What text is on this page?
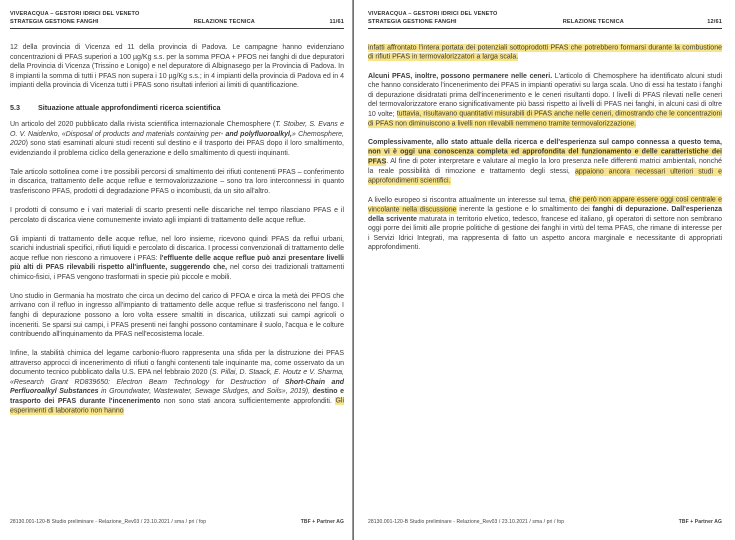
VIVERACQUA – GESTORI IDRICI DEL VENETO
STRATEGIA GESTIONE FANGHI	RELAZIONE TECNICA	11/61

12 della provincia di Vicenza ed 11 della provincia di Padova. Le campagne hanno evidenziano concentrazioni di PFAS superiori a 100 µg/Kg s.s. per la somma PFOA + PFOS nei fanghi di due depuratori della Provincia di Vicenza (Trissino e Lonigo) e nel depuratore di Albignasego per la Provincia di Padova. In 8 impianti la somma di tutti i PFAS non supera i 10 µg/Kg s.s.; in 4 impianti della provincia di Padova ed in 4 impianti della provincia di Vicenza tutti i PFAS sono risultati inferiori ai limiti di quantificazione.

5.3	Situazione attuale approfondimenti ricerca scientifica

Un articolo del 2020 pubblicato dalla rivista scientifica internazionale Chemosphere (T. Stoiber, S. Evans e O. V. Naidenko, «Disposal of products and materials containing per- and polyfluoroalkyl,» Chemosphere, 2020) sono stati esaminati alcuni studi recenti sul destino e il trasporto dei PFAS dopo il loro smaltimento, evidenziando il problema ciclico della generazione e dello smaltimento di questi inquinanti.

Tale articolo sottolinea come i tre possibili percorsi di smaltimento dei rifiuti contenenti PFAS – conferimento in discarica, trattamento delle acque reflue e termovalorizzazione – sono tra loro interconnessi in quanto trasferiscono PFAS, prodotti di degradazione PFAS o incombusti, da un sito all'altro.

I prodotti di consumo e i vari materiali di scarto presenti nelle discariche nel tempo rilasciano PFAS e il percolato di discarica viene comunemente inviato agli impianti di trattamento delle acque reflue.

Gli impianti di trattamento delle acque reflue, nel loro insieme, ricevono quindi PFAS da reflui urbani, scarichi industriali specifici, rifiuti liquidi e percolato di discarica. I processi convenzionali di trattamento delle acque reflue non riescono a rimuovere i PFAS: l'effluente delle acque reflue può anzi presentare livelli più alti di PFAS rilevabili rispetto all'influente, suggerendo che, nel corso dei tradizionali trattamenti chimico-fisici, i PFAS vengono trasformati in specie più piccole e mobili.

Uno studio in Germania ha mostrato che circa un decimo del carico di PFOA e circa la metà dei PFOS che arrivano con il refluo in ingresso all'impianto di trattamento delle acque reflue si trasferiscono nel fango. I fanghi di depurazione possono a loro volta essere smaltiti in discarica, utilizzati sui campi agricoli o inceneriti. Se sparsi sui campi, i PFAS presenti nei fanghi possono contaminare il suolo, l'acqua e le colture contribuendo all'inquinamento da PFAS nell'ecosistema locale.

Infine, la stabilità chimica del legame carbonio-fluoro rappresenta una sfida per la distruzione dei PFAS attraverso approcci di incenerimento di rifiuti o fanghi contenenti tale inquinante ma, come osservato da un documento tecnico pubblicato dalla U.S. EPA nel febbraio 2020 (S. Pillai, D. Staack, E. Houtz e V. Sharma, «Research Grant RD839650: Electron Beam Technology for Destruction of Short-Chain and Perfluoroalkyl Substances in Groundwater, Wastewater, Sewage Sludges, and Soils», 2019), destino e trasporto dei PFAS durante l'incenerimento non sono stati ancora sufficientemente approfonditi. Gli esperimenti di laboratorio non hanno

28130.001-120-B Studio preliminare - Relazione_Rev03 / 23.10.2021 / sma / pri / fop	TBF + Partner AG
VIVERACQUA – GESTORI IDRICI DEL VENETO
STRATEGIA GESTIONE FANGHI	RELAZIONE TECNICA	12/61

infatti affrontato l'intera portata dei potenziali sottoprodotti PFAS che potrebbero formarsi durante la combustione di rifiuti PFAS in termovalorizzatori a larga scala.

Alcuni PFAS, inoltre, possono permanere nelle ceneri. L'articolo di Chemosphere ha identificato alcuni studi che hanno considerato l'incenerimento dei PFAS in impianti operativi su larga scala. Uno di essi ha testato i fanghi di depurazione disidratati prima dell'incenerimento e le ceneri risultanti dopo. I livelli di PFAS rilevati nelle ceneri del termovalorizzatore erano significativamente più bassi rispetto ai livelli di PFAS nei fanghi, in alcuni casi di oltre 10 volte; tuttavia, risultavano quantitativi misurabili di PFAS anche nelle ceneri, dimostrando che le concentrazioni di PFAS non diminuiscono a livelli non rilevabili nemmeno tramite termovalorizzazione.

Complessivamente, allo stato attuale della ricerca e dell'esperienza sul campo connessa a questo tema, non vi è oggi una conoscenza completa ed approfondita del funzionamento e delle caratteristiche dei PFAS. Al fine di poter interpretare e valutare al meglio la loro presenza nelle differenti matrici ambientali, nonché la reale possibilità di rimozione e trattamento degli stessi, appaiono ancora necessari ulteriori studi e approfondimenti scientifici.

A livello europeo si riscontra attualmente un interesse sul tema, che però non appare essere oggi così centrale e vincolante nella discussione inerente la gestione e lo smaltimento dei fanghi di depurazione. Dall'esperienza della scrivente maturata in territorio elvetico, tedesco, francese ed italiano, gli operatori di settore non sembrano oggi porre dei limiti alle proprie politiche di gestione dei fanghi in virtù del tema PFAS, che rimane di interesse per i Servizi Idrici Integrati, ma rappresenta di fatto un aspetto ancora marginale e necessitante di appropriati approfondimenti.

28130.001-120-B Studio preliminare - Relazione_Rev03 / 23.10.2021 / sma / pri / fop	TBF + Partner AG
